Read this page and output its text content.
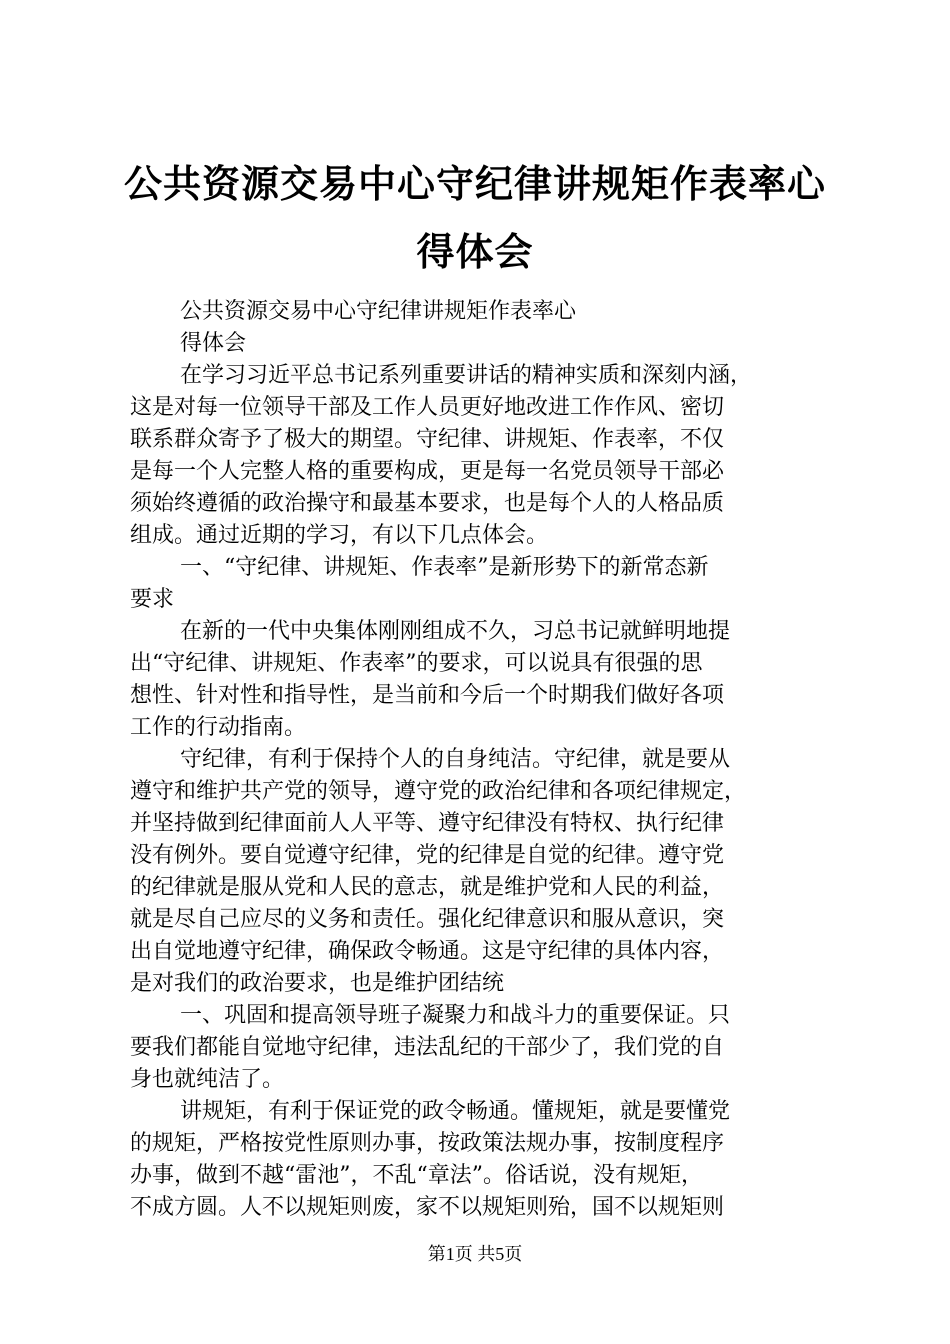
公共资源交易中心守纪律讲规矩作表率心得体会
公共资源交易中心守纪律讲规矩作表率心
得体会
在学习习近平总书记系列重要讲话的精神实质和深刻内涵，
这是对每一位领导干部及工作人员更好地改进工作作风、密切
联系群众寄予了极大的期望。守纪律、讲规矩、作表率，不仅
是每一个人完整人格的重要构成，更是每一名党员领导干部必
须始终遵循的政治操守和最基本要求，也是每个人的人格品质
组成。通过近期的学习，有以下几点体会。
一、“守纪律、讲规矩、作表率”是新形势下的新常态新
要求
在新的一代中央集体刚刚组成不久，习总书记就鲜明地提
出“守纪律、讲规矩、作表率”的要求，可以说具有很强的思
想性、针对性和指导性，是当前和今后一个时期我们做好各项
工作的行动指南。
守纪律，有利于保持个人的自身纯洁。守纪律，就是要从
遵守和维护共产党的领导，遵守党的政治纪律和各项纪律规定，
并坚持做到纪律面前人人平等、遵守纪律没有特权、执行纪律
没有例外。要自觉遵守纪律，党的纪律是自觉的纪律。遵守党
的纪律就是服从党和人民的意志，就是维护党和人民的利益，
就是尽自己应尽的义务和责任。强化纪律意识和服从意识，突
出自觉地遵守纪律，确保政令畅通。这是守纪律的具体内容，
是对我们的政治要求，也是维护团结统
一、巩固和提高领导班子凝聚力和战斗力的重要保证。只
要我们都能自觉地守纪律，违法乱纪的干部少了，我们党的自
身也就纯洁了。
讲规矩，有利于保证党的政令畅通。懂规矩，就是要懂党
的规矩，严格按党性原则办事，按政策法规办事，按制度程序
办事，做到不越“雷池”，不乱“章法”。俗话说，没有规矩，
不成方圆。人不以规矩则废，家不以规矩则殆，国不以规矩则
第1页 共5页
